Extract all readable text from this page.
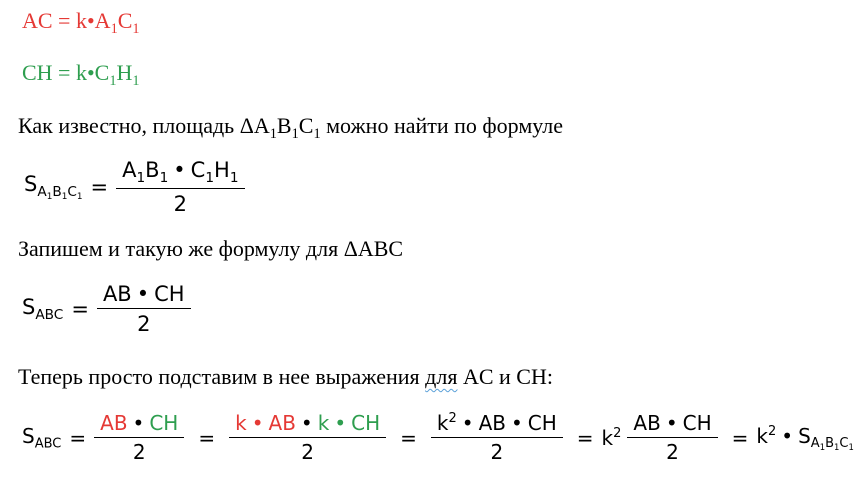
AC = $k•A_1C_1$
CH = $k•C_1H_1$
Как известно, площадь $\Delta A_1B_1C_1$ можно найти по формуле
$S_{A_1B_1C_1} = \frac{A_1B_1 • C_1H_1}{2}$
Запишем и такую же формулу для ΔABC
$S_{ABC} = \frac{AB • CH}{2}$
Теперь просто подставим в нее выражения для AC и CH:
$S_{ABC} = \frac{AB • CH}{2} = \frac{k • AB • k • CH}{2} = \frac{k^2 • AB • CH}{2} = k^2 \frac{AB • CH}{2} = k^2$ • $S_{A_1B_1C_1}$
